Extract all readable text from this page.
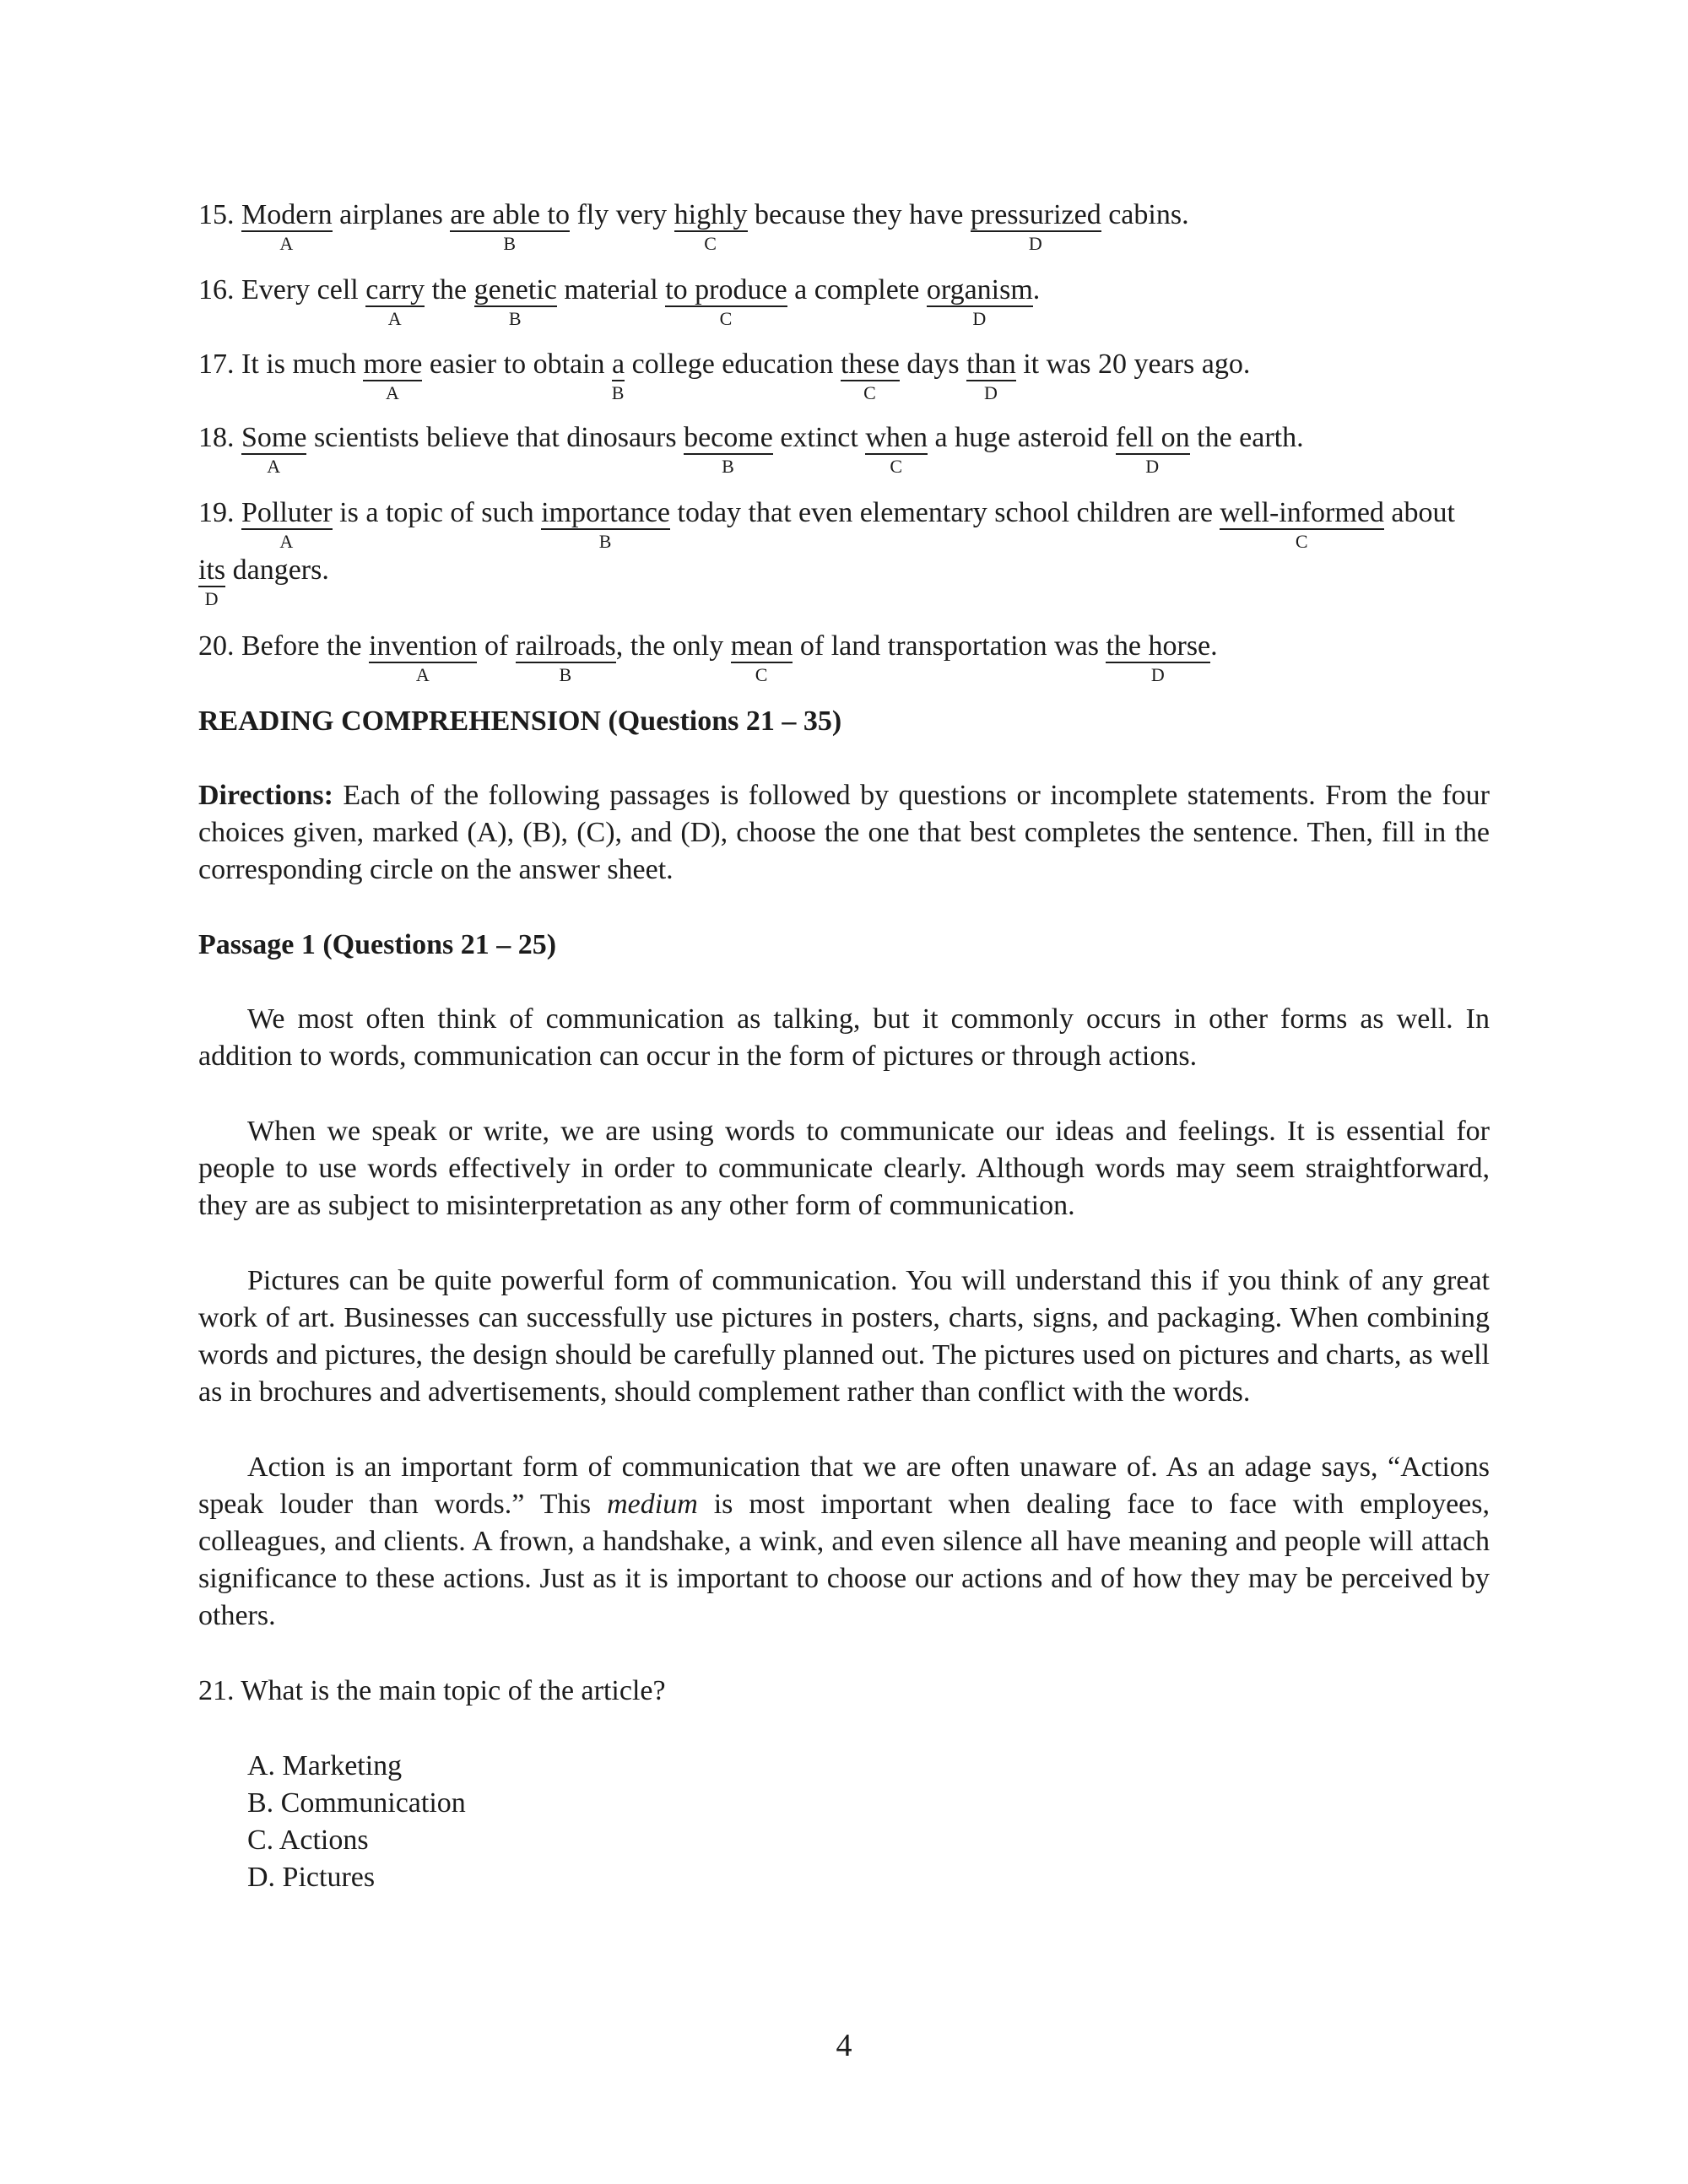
15. Modern
A
airplanes are able to
B
fly very highly
C
because they have pressurized
D
cabins.
16. Every cell carry
A
the genetic
B
material to produce
C
a complete organism
D
.
17. It is much more
A
easier to obtain a
B
college education these
C
days than
D
it was 20 years ago.
18. Some
A
scientists believe that dinosaurs become
B
extinct when
C
a huge asteroid fell on
D
the earth.
19. Polluter
A
is a topic of such importance
B
today that even elementary school children are well-informed
C
about
its
D
dangers.
20. Before the invention
A
of railroads
B
, the only mean
C
of land transportation was the horse
D
.
READING COMPREHENSION (Questions 21 – 35)
Directions: Each of the following passages is followed by questions or incomplete statements. From the four choices given, marked (A), (B), (C), and (D), choose the one that best completes the sentence. Then, fill in the corresponding circle on the answer sheet.
Passage 1 (Questions 21 – 25)
We most often think of communication as talking, but it commonly occurs in other forms as well. In addition to words, communication can occur in the form of pictures or through actions.
When we speak or write, we are using words to communicate our ideas and feelings. It is essential for people to use words effectively in order to communicate clearly. Although words may seem straightforward, they are as subject to misinterpretation as any other form of communication.
Pictures can be quite powerful form of communication. You will understand this if you think of any great work of art. Businesses can successfully use pictures in posters, charts, signs, and packaging. When combining words and pictures, the design should be carefully planned out. The pictures used on pictures and charts, as well as in brochures and advertisements, should complement rather than conflict with the words.
Action is an important form of communication that we are often unaware of. As an adage says, “Actions speak louder than words.” This medium is most important when dealing face to face with employees, colleagues, and clients. A frown, a handshake, a wink, and even silence all have meaning and people will attach significance to these actions. Just as it is important to choose our actions and of how they may be perceived by others.
21. What is the main topic of the article?
A. Marketing
B. Communication
C. Actions
D. Pictures
4
